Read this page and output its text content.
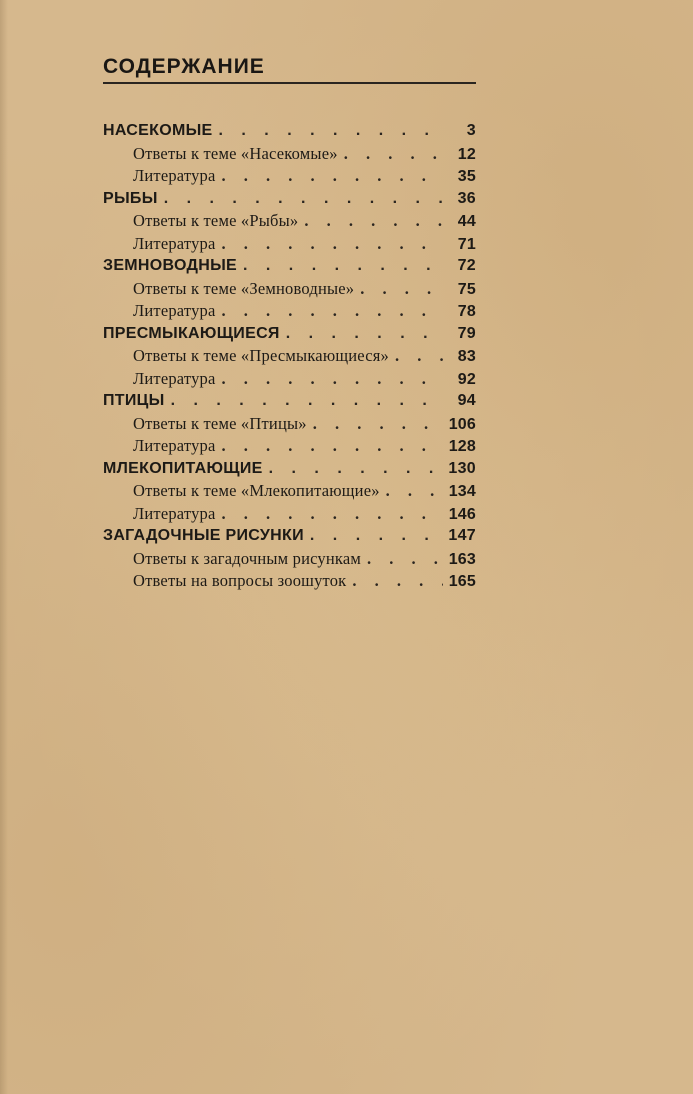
СОДЕРЖАНИЕ
НАСЕКОМЫЕ . . .	3
Ответы к теме «Насекомые» . . .	12
Литература . . .	35
РЫБЫ . . .	36
Ответы к теме «Рыбы» . . .	44
Литература . . .	71
ЗЕМНОВОДНЫЕ . . .	72
Ответы к теме «Земноводные» . . .	75
Литература . . .	78
ПРЕСМЫКАЮЩИЕСЯ . . .	79
Ответы к теме «Пресмыкающиеся» . . .	83
Литература . . .	92
ПТИЦЫ . . .	94
Ответы к теме «Птицы» . . .	106
Литература . . .	128
МЛЕКОПИТАЮЩИЕ . . .	130
Ответы к теме «Млекопитающие» . . .	134
Литература . . .	146
ЗАГАДОЧНЫЕ РИСУНКИ . . .	147
Ответы к загадочным рисункам . . .	163
Ответы на вопросы зоошуток . . .	165
